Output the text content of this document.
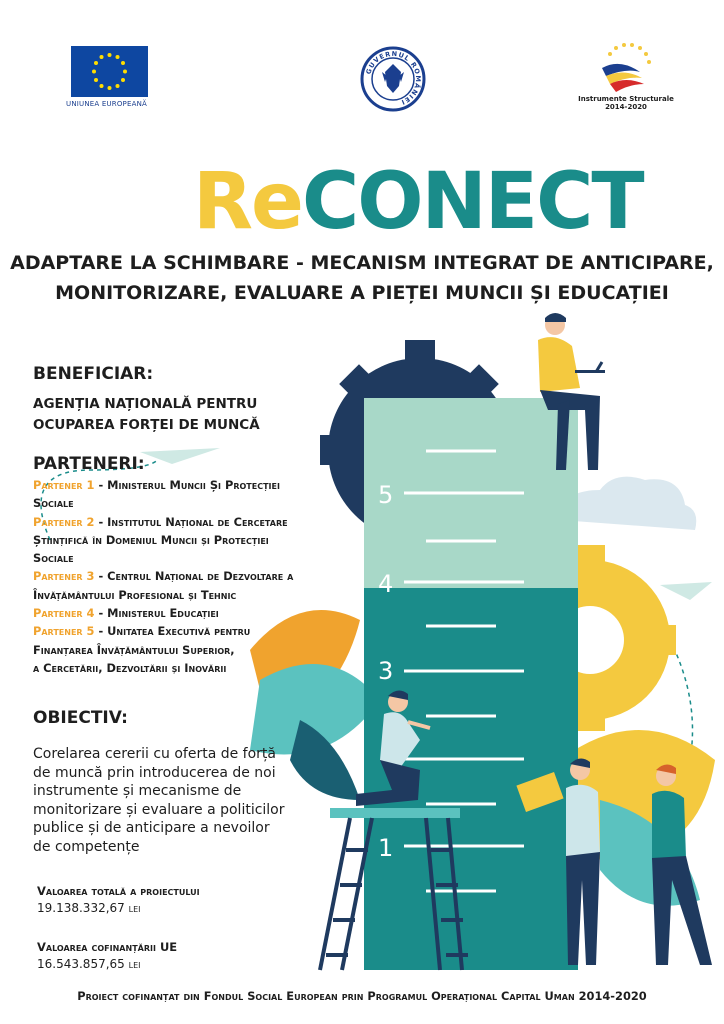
UNIUNEA EUROPEANĂ
GUVERNUL ROMÂNIEI	Instrumente Structurale
2014-2020
5
4
3
1
ReCONECT
ADAPTARE LA SCHIMBARE - MECANISM INTEGRAT DE ANTICIPARE,
MONITORIZARE, EVALUARE A PIEȚEI MUNCII ȘI EDUCAȚIEI
BENEFICIAR:
AGENȚIA NAȚIONALĂ PENTRU
OCUPAREA FORȚEI DE MUNCĂ
PARTENERI:
Partener 1 - Ministerul Muncii Și Protecției
Sociale
Partener 2 - Institutul Național de Cercetare
Științifică în Domeniul Muncii și Protecției
Sociale
Partener 3 - Centrul Național de Dezvoltare a
Învățământului Profesional și Tehnic
Partener 4 - Ministerul Educației
Partener 5 - Unitatea Executivă pentru
Finanțarea Învățământului Superior,
a Cercetării, Dezvoltării și Inovării
OBIECTIV:
Corelarea cererii cu oferta de forță
de muncă prin introducerea de noi
instrumente și mecanisme de
monitorizare și evaluare a politicilor
publice și de anticipare a nevoilor
de competențe
Valoarea totală a proiectului
19.138.332,67 lei
Valoarea cofinanțării UE
16.543.857,65 lei
Proiect cofinanțat din Fondul Social European prin Programul Operațional Capital Uman 2014-2020
